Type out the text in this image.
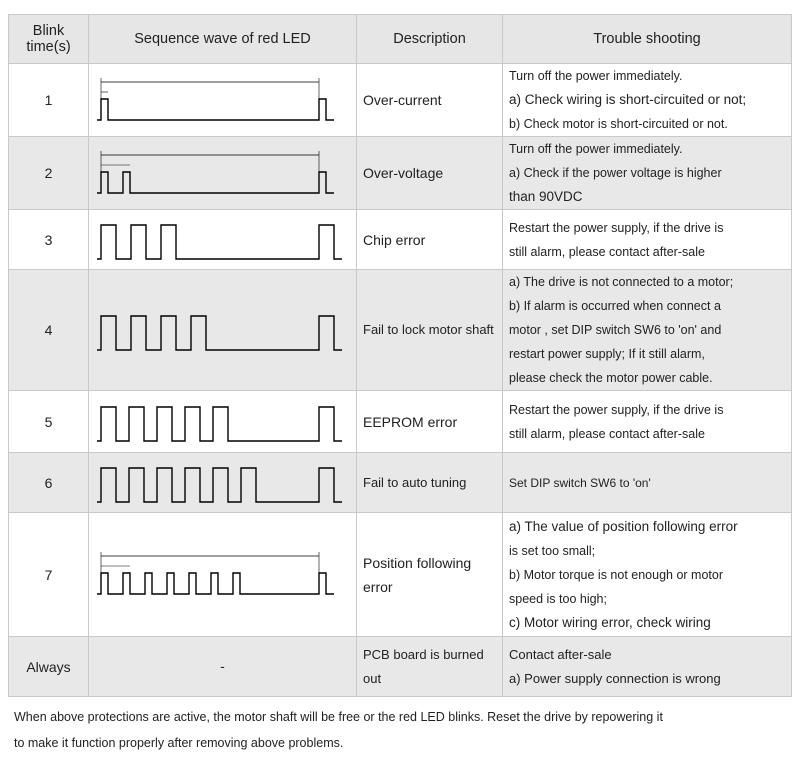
Blink time(s)	Sequence wave of red LED	Description	Trouble shooting
1		Over-current	Turn off the power immediately.
a) Check wiring is short-circuited or not;
b) Check motor is short-circuited or not.

2		Over-voltage	Turn off the power immediately.
a) Check if the power voltage is higher
than 90VDC

3		Chip error	Restart the power supply, if the drive is
still alarm, please contact after-sale

4		Fail to lock motor shaft	a) The drive is not connected to a motor;
b) If alarm is occurred when connect a
motor , set DIP switch SW6 to 'on' and
restart power supply; If it still alarm,
please check the motor power cable.

5		EEPROM error	Restart the power supply, if the drive is
still alarm, please contact after-sale

6		Fail to auto tuning	Set DIP switch SW6 to 'on'

7		Position following error	a) The value of position following error
is set too small;
b) Motor torque is not enough or motor
speed is too high;
c) Motor wiring error, check wiring

Always	-	PCB board is burned out	Contact after-sale
a) Power supply connection is wrong
When above protections are active, the motor shaft will be free or the red LED blinks. Reset the drive by repowering it
to make it function properly after removing above problems.
